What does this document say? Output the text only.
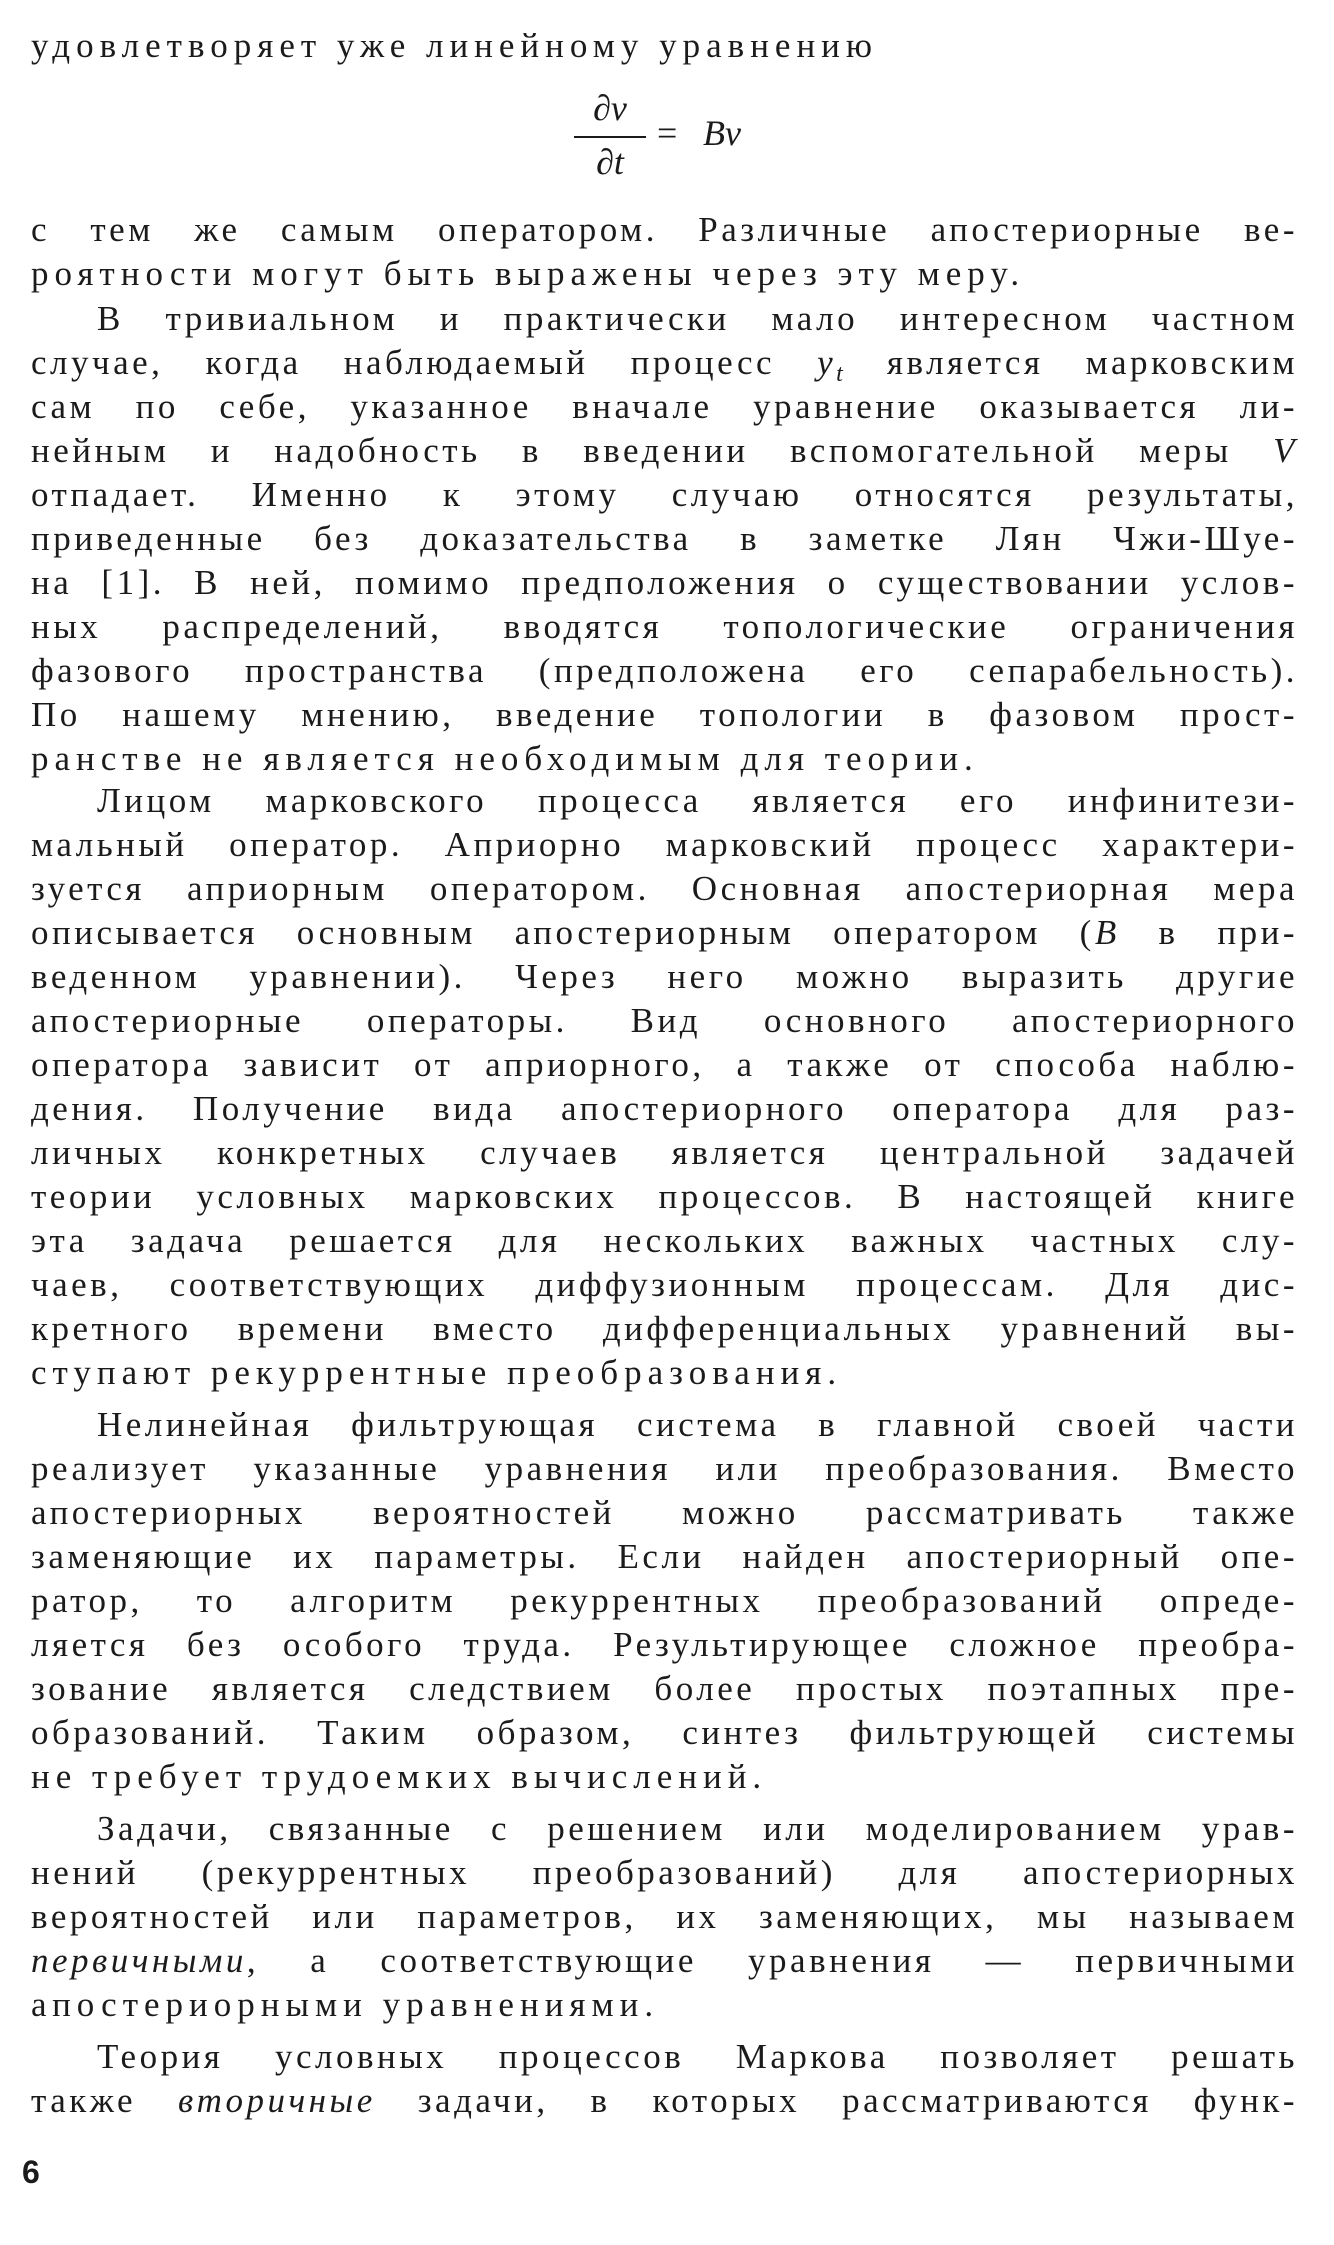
удовлетворяет уже линейному уравнению
∂v
∂t
= Bv
с тем же самым оператором. Различные апостериорные ве-
роятности могут быть выражены через эту меру.
В тривиальном и практически мало интересном частном
случае, когда наблюдаемый процесс $y_t$ является марковским
сам по себе, указанное вначале уравнение оказывается ли-
нейным и надобность в введении вспомогательной меры V
отпадает. Именно к этому случаю относятся результаты,
приведенные без доказательства в заметке Лян Чжи-Шуе-
на [1]. В ней, помимо предположения о существовании услов-
ных распределений, вводятся топологические ограничения
фазового пространства (предположена его сепарабельность).
По нашему мнению, введение топологии в фазовом прост-
ранстве не является необходимым для теории.
Лицом марковского процесса является его инфинитези-
мальный оператор. Априорно марковский процесс характери-
зуется априорным оператором. Основная апостериорная мера
описывается основным апостериорным оператором (B в при-
веденном уравнении). Через него можно выразить другие
апостериорные операторы. Вид основного апостериорного
оператора зависит от априорного, а также от способа наблю-
дения. Получение вида апостериорного оператора для раз-
личных конкретных случаев является центральной задачей
теории условных марковских процессов. В настоящей книге
эта задача решается для нескольких важных частных слу-
чаев, соответствующих диффузионным процессам. Для дис-
кретного времени вместо дифференциальных уравнений вы-
ступают рекуррентные преобразования.
Нелинейная фильтрующая система в главной своей части
реализует указанные уравнения или преобразования. Вместо
апостериорных вероятностей можно рассматривать также
заменяющие их параметры. Если найден апостериорный опе-
ратор, то алгоритм рекуррентных преобразований опреде-
ляется без особого труда. Результирующее сложное преобра-
зование является следствием более простых поэтапных пре-
образований. Таким образом, синтез фильтрующей системы
не требует трудоемких вычислений.
Задачи, связанные с решением или моделированием урав-
нений (рекуррентных преобразований) для апостериорных
вероятностей или параметров, их заменяющих, мы называем
первичными, а соответствующие уравнения — первичными
апостериорными уравнениями.
Теория условных процессов Маркова позволяет решать
также вторичные задачи, в которых рассматриваются функ-
6
